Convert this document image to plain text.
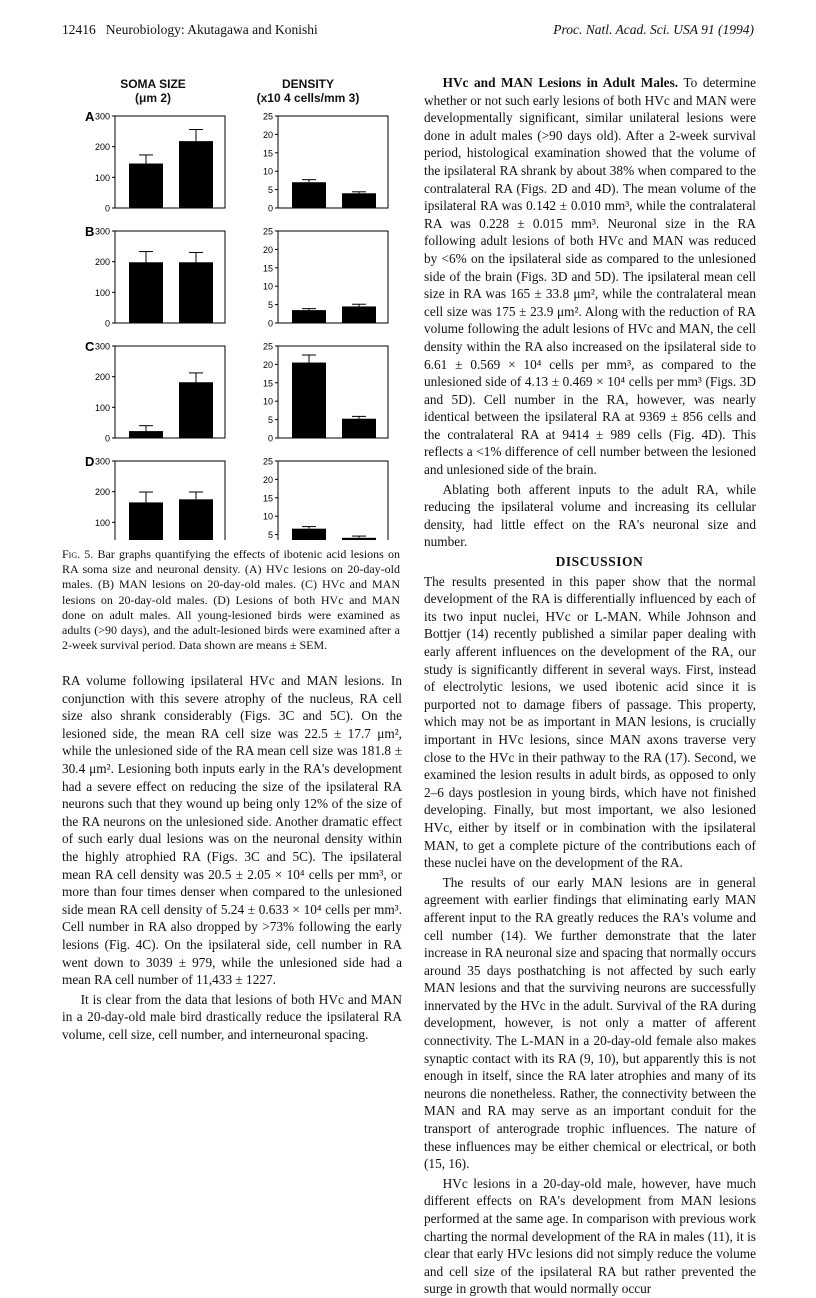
12416 Neurobiology: Akutagawa and Konishi	Proc. Natl. Acad. Sci. USA 91 (1994)
SOMA SIZE
(μm 2)
DENSITY
(x10 4 cells/mm 3)
0
100
200
300
A
0
5
10
15
20
25
0
100
200
300
B
0
5
10
15
20
25
0
100
200
300
C
0
5
10
15
20
25
100
200
300
D
5
10
15
20
25
Fig. 5. Bar graphs quantifying the effects of ibotenic acid lesions on RA soma size and neuronal density. (A) HVc lesions on 20-day-old males. (B) MAN lesions on 20-day-old males. (C) HVc and MAN lesions on 20-day-old males. (D) Lesions of both HVc and MAN done on adult males. All young-lesioned birds were examined as adults (>90 days), and the adult-lesioned birds were examined after a 2-week survival period. Data shown are means ± SEM.

RA volume following ipsilateral HVc and MAN lesions. In conjunction with this severe atrophy of the nucleus, RA cell size also shrank considerably (Figs. 3C and 5C). On the lesioned side, the mean RA cell size was 22.5 ± 17.7 μm², while the unlesioned side of the RA mean cell size was 181.8 ± 30.4 μm². Lesioning both inputs early in the RA's development had a severe effect on reducing the size of the ipsilateral RA neurons such that they wound up being only 12% of the size of the RA neurons on the unlesioned side. Another dramatic effect of such early dual lesions was on the neuronal density within the highly atrophied RA (Figs. 3C and 5C). The ipsilateral mean RA cell density was 20.5 ± 2.05 × 10⁴ cells per mm³, or more than four times denser when compared to the unlesioned side mean RA cell density of 5.24 ± 0.633 × 10⁴ cells per mm³. Cell number in RA also dropped by >73% following the early lesions (Fig. 4C). On the ipsilateral side, cell number in RA went down to 3039 ± 979, while the unlesioned side had a mean RA cell number of 11,433 ± 1227.

It is clear from the data that lesions of both HVc and MAN in a 20-day-old male bird drastically reduce the ipsilateral RA volume, cell size, cell number, and interneuronal spacing.

HVc and MAN Lesions in Adult Males. To determine whether or not such early lesions of both HVc and MAN were developmentally significant, similar unilateral lesions were done in adult males (>90 days old). After a 2-week survival period, histological examination showed that the volume of the ipsilateral RA shrank by about 38% when compared to the contralateral RA (Figs. 2D and 4D). The mean volume of the ipsilateral RA was 0.142 ± 0.010 mm³, while the contralateral RA was 0.228 ± 0.015 mm³. Neuronal size in the RA following adult lesions of both HVc and MAN was reduced by <6% on the ipsilateral side as compared to the unlesioned side of the brain (Figs. 3D and 5D). The ipsilateral mean cell size in RA was 165 ± 33.8 μm², while the contralateral mean cell size was 175 ± 23.9 μm². Along with the reduction of RA volume following the adult lesions of HVc and MAN, the cell density within the RA also increased on the ipsilateral side to 6.61 ± 0.569 × 10⁴ cells per mm³, as compared to the unlesioned side of 4.13 ± 0.469 × 10⁴ cells per mm³ (Figs. 3D and 5D). Cell number in the RA, however, was nearly identical between the ipsilateral RA at 9369 ± 856 cells and the contralateral RA at 9414 ± 989 cells (Fig. 4D). This reflects a <1% difference of cell number between the lesioned and unlesioned side of the brain.

Ablating both afferent inputs to the adult RA, while reducing the ipsilateral volume and increasing its cellular density, had little effect on the RA's neuronal size and number.

DISCUSSION

The results presented in this paper show that the normal development of the RA is differentially influenced by each of its two input nuclei, HVc or L-MAN. While Johnson and Bottjer (14) recently published a similar paper dealing with early afferent influences on the development of the RA, our study is significantly different in several ways. First, instead of electrolytic lesions, we used ibotenic acid since it is purported not to damage fibers of passage. This property, which may not be as important in MAN lesions, is crucially important in HVc lesions, since MAN axons traverse very close to the HVc in their pathway to the RA (17). Second, we examined the lesion results in adult birds, as opposed to only 2–6 days postlesion in young birds, which have not finished developing. Finally, but most important, we also lesioned HVc, either by itself or in combination with the ipsilateral MAN, to get a complete picture of the contributions each of these nuclei have on the development of the RA.

The results of our early MAN lesions are in general agreement with earlier findings that eliminating early MAN afferent input to the RA greatly reduces the RA's volume and cell number (14). We further demonstrate that the later increase in RA neuronal size and spacing that normally occurs around 35 days posthatching is not affected by such early MAN lesions and that the surviving neurons are successfully innervated by the HVc in the adult. Survival of the RA during development, however, is not only a matter of afferent connectivity. The L-MAN in a 20-day-old female also makes synaptic contact with its RA (9, 10), but apparently this is not enough in itself, since the RA later atrophies and many of its neurons die nonetheless. Rather, the connectivity between the MAN and RA may serve as an important conduit for the transport of anterograde trophic influences. The nature of these influences may be either chemical or electrical, or both (15, 16).

HVc lesions in a 20-day-old male, however, have much different effects on RA's development from MAN lesions performed at the same age. In comparison with previous work charting the normal development of the RA in males (11), it is clear that early HVc lesions did not simply reduce the volume and cell size of the ipsilateral RA but rather prevented the surge in growth that would normally occur
